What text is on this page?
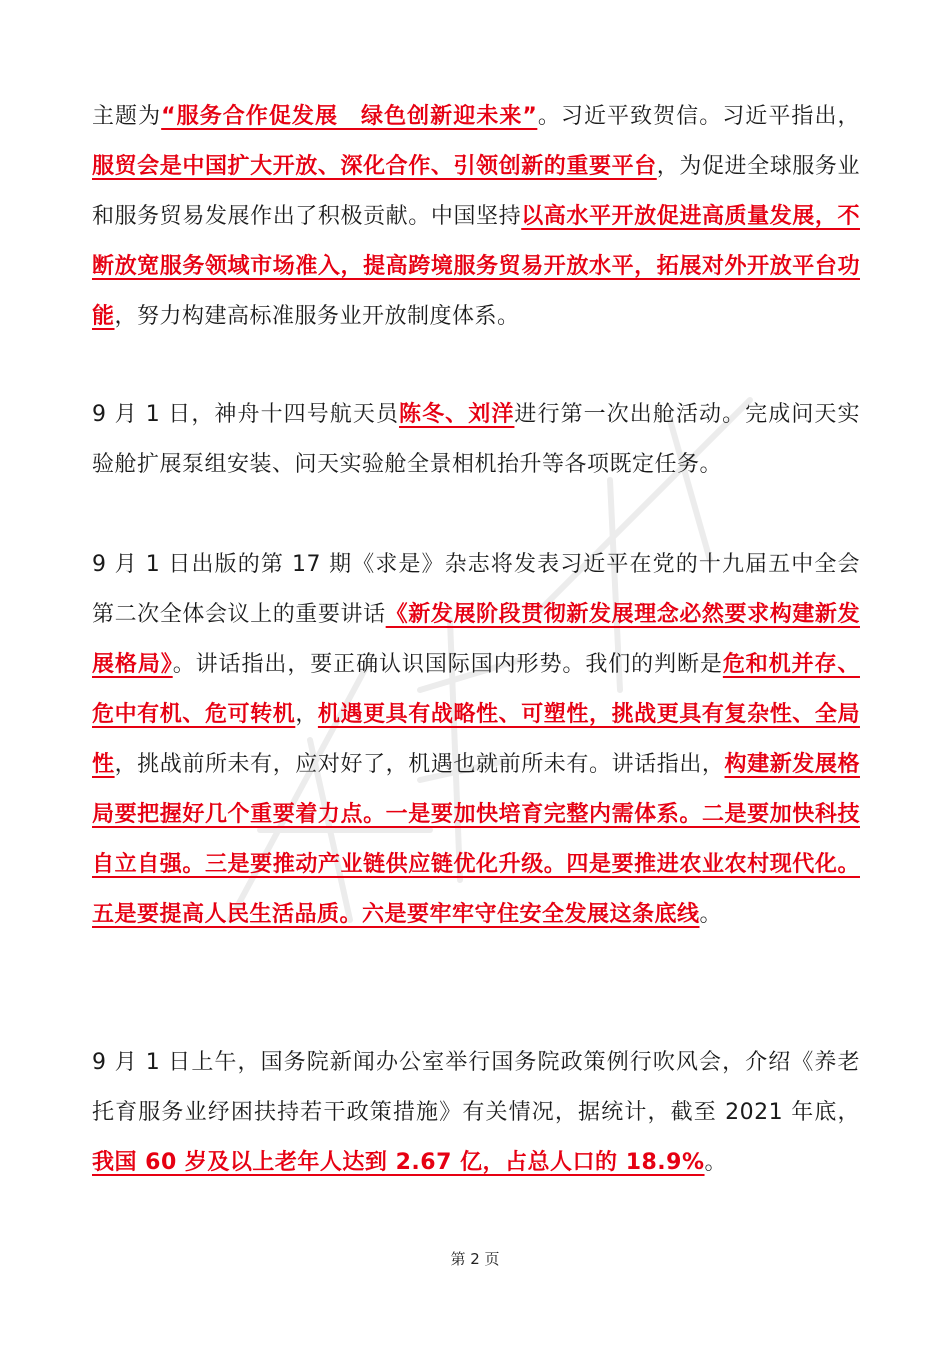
主题为“服务合作促发展　绿色创新迎未来”。习近平致贺信。习近平指出，服贸会是中国扩大开放、深化合作、引领创新的重要平台，为促进全球服务业和服务贸易发展作出了积极贡献。中国坚持以高水平开放促进高质量发展，不断放宽服务领域市场准入，提高跨境服务贸易开放水平，拓展对外开放平台功能，努力构建高标准服务业开放制度体系。

9 月 1 日，神舟十四号航天员陈冬、刘洋进行第一次出舱活动。完成问天实验舱扩展泵组安装、问天实验舱全景相机抬升等各项既定任务。

9 月 1 日出版的第 17 期《求是》杂志将发表习近平在党的十九届五中全会第二次全体会议上的重要讲话《新发展阶段贯彻新发展理念必然要求构建新发展格局》。讲话指出，要正确认识国际国内形势。我们的判断是危和机并存、危中有机、危可转机，机遇更具有战略性、可塑性，挑战更具有复杂性、全局性，挑战前所未有，应对好了，机遇也就前所未有。讲话指出，构建新发展格局要把握好几个重要着力点。一是要加快培育完整内需体系。二是要加快科技自立自强。三是要推动产业链供应链优化升级。四是要推进农业农村现代化。五是要提高人民生活品质。六是要牢牢守住安全发展这条底线。

9 月 1 日上午，国务院新闻办公室举行国务院政策例行吹风会，介绍《养老托育服务业纾困扶持若干政策措施》有关情况，据统计，截至 2021 年底，我国 60 岁及以上老年人达到 2.67 亿，占总人口的 18.9%。

第 2 页
